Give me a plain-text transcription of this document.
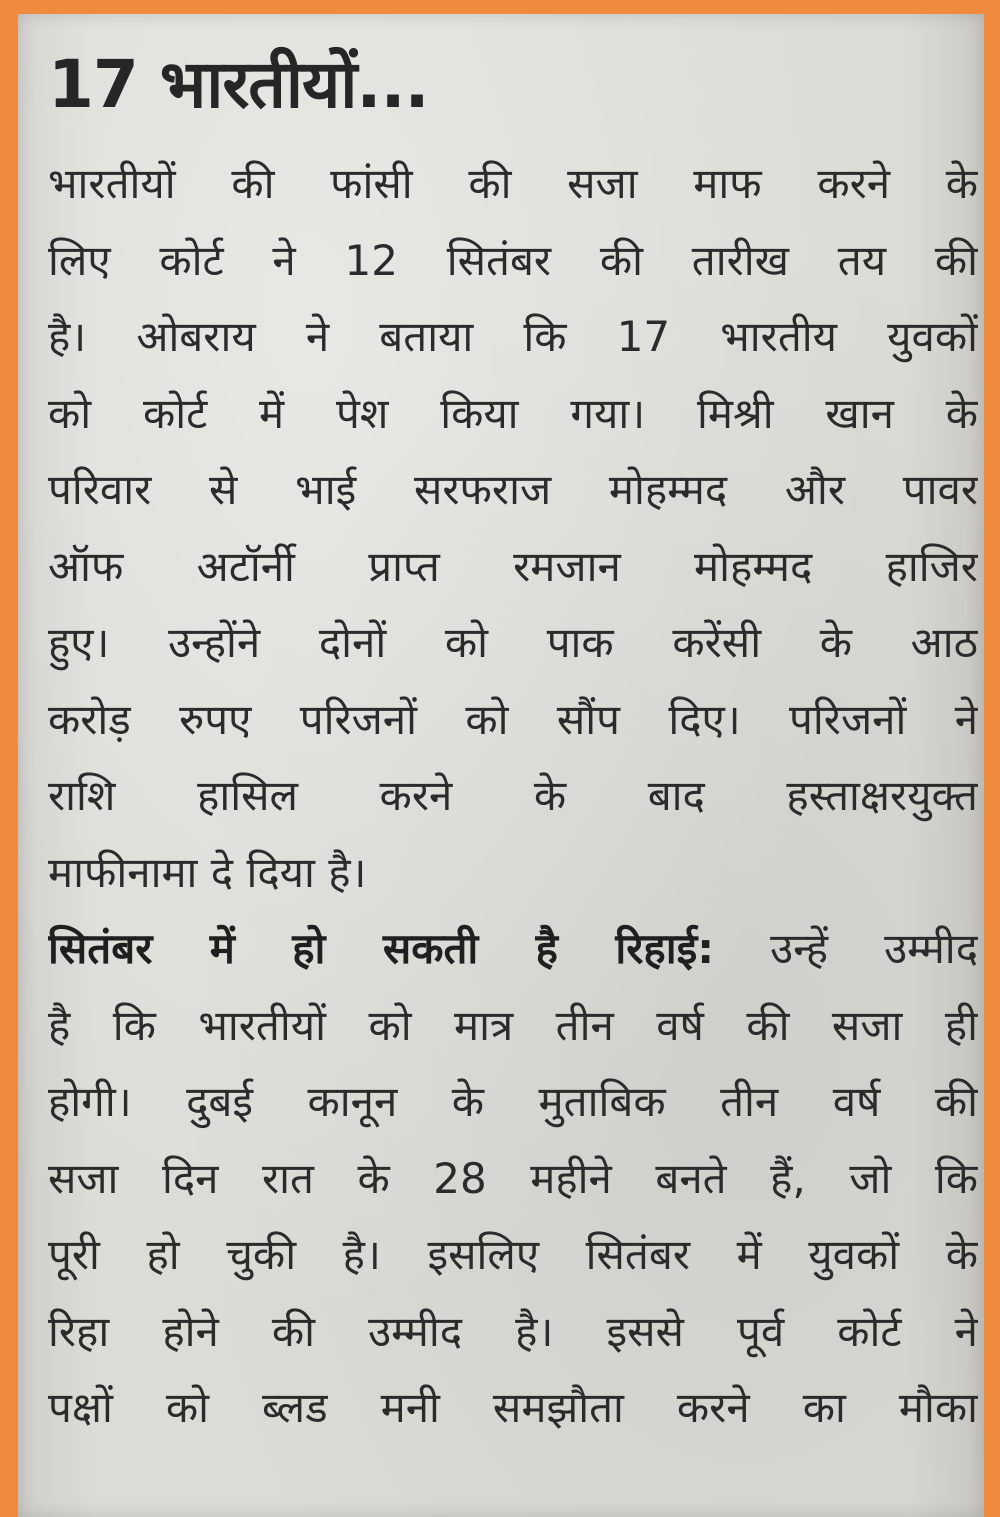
17 भारतीयों...
भारतीयों की फांसी की सजा माफ करने के
लिए कोर्ट ने 12 सितंबर की तारीख तय की
है। ओबराय ने बताया कि 17 भारतीय युवकों
को कोर्ट में पेश किया गया। मिश्री खान के
परिवार से भाई सरफराज मोहम्मद और पावर
ऑफ अटॉर्नी प्राप्त रमजान मोहम्मद हाजिर
हुए। उन्होंने दोनों को पाक करेंसी के आठ
करोड़ रुपए परिजनों को सौंप दिए। परिजनों ने
राशि हासिल करने के बाद हस्ताक्षरयुक्त
माफीनामा दे दिया है।
सितंबर में हो सकती है रिहाई: उन्हें उम्मीद
है कि भारतीयों को मात्र तीन वर्ष की सजा ही
होगी। दुबई कानून के मुताबिक तीन वर्ष की
सजा दिन रात के 28 महीने बनते हैं, जो कि
पूरी हो चुकी है। इसलिए सितंबर में युवकों के
रिहा होने की उम्मीद है। इससे पूर्व कोर्ट ने
पक्षों को ब्लड मनी समझौता करने का मौका
